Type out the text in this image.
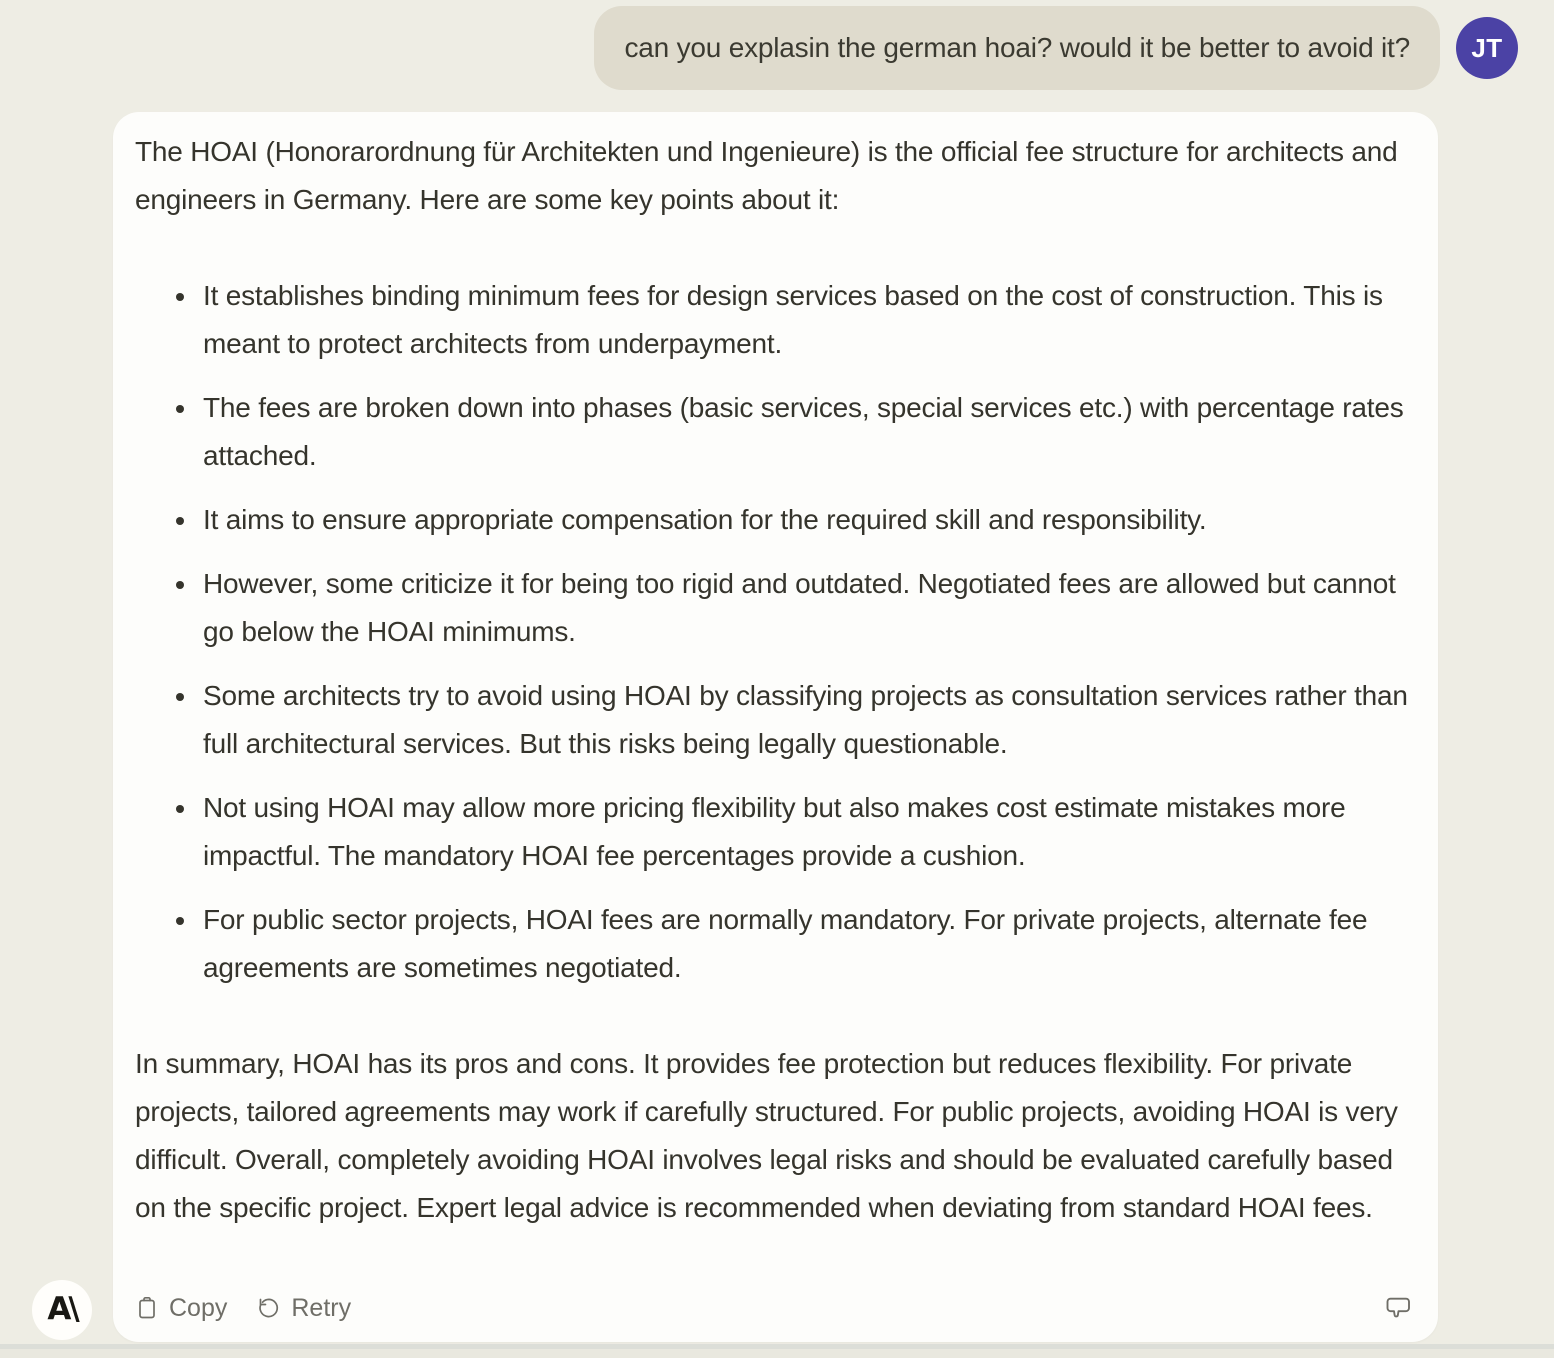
can you explasin the german hoai? would it be better to avoid it? JT

The HOAI (Honorarordnung für Architekten und Ingenieure) is the official fee structure for architects and engineers in Germany. Here are some key points about it:

• It establishes binding minimum fees for design services based on the cost of construction. This is meant to protect architects from underpayment.
• The fees are broken down into phases (basic services, special services etc.) with percentage rates attached.
• It aims to ensure appropriate compensation for the required skill and responsibility.
• However, some criticize it for being too rigid and outdated. Negotiated fees are allowed but cannot go below the HOAI minimums.
• Some architects try to avoid using HOAI by classifying projects as consultation services rather than full architectural services. But this risks being legally questionable.
• Not using HOAI may allow more pricing flexibility but also makes cost estimate mistakes more impactful. The mandatory HOAI fee percentages provide a cushion.
• For public sector projects, HOAI fees are normally mandatory. For private projects, alternate fee agreements are sometimes negotiated.

In summary, HOAI has its pros and cons. It provides fee protection but reduces flexibility. For private projects, tailored agreements may work if carefully structured. For public projects, avoiding HOAI is very difficult. Overall, completely avoiding HOAI involves legal risks and should be evaluated carefully based on the specific project. Expert legal advice is recommended when deviating from standard HOAI fees.

Copy	Retry
A\
